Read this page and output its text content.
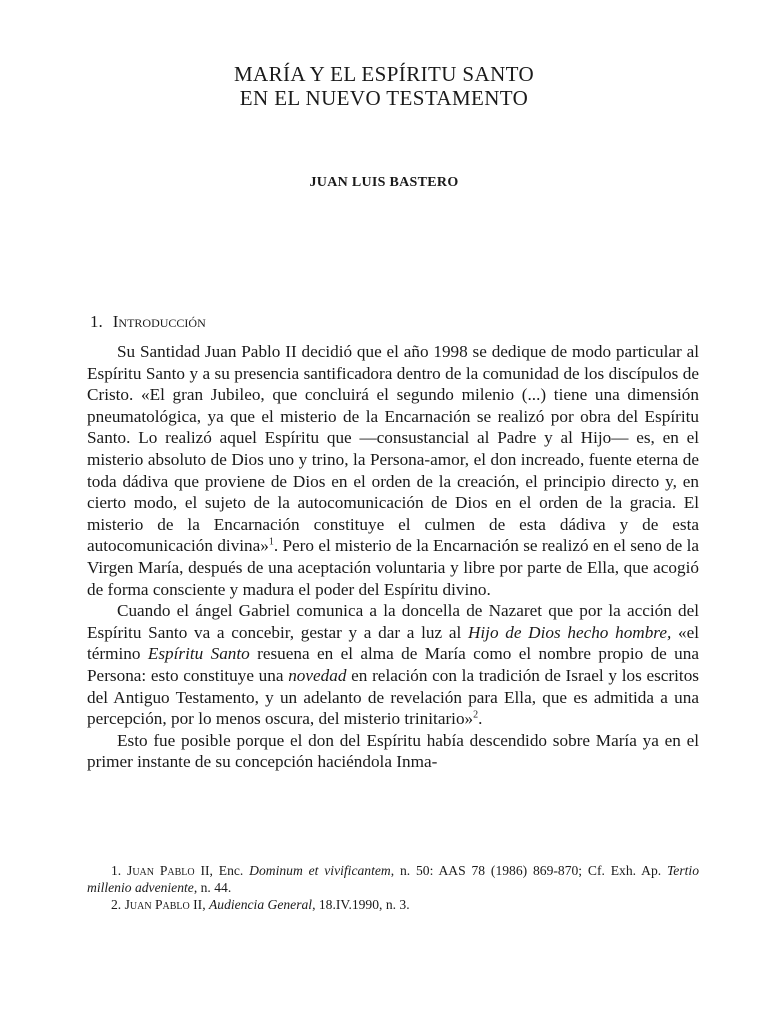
MARÍA Y EL ESPÍRITU SANTO
EN EL NUEVO TESTAMENTO
JUAN LUIS BASTERO
1. Introducción

Su Santidad Juan Pablo II decidió que el año 1998 se dedique de modo particular al Espíritu Santo y a su presencia santificadora dentro de la comunidad de los discípulos de Cristo. «El gran Jubileo, que concluirá el segundo milenio (...) tiene una dimensión pneumatológica, ya que el misterio de la Encarnación se realizó por obra del Espíritu Santo. Lo realizó aquel Espíritu que —consustancial al Padre y al Hijo— es, en el misterio absoluto de Dios uno y trino, la Persona-amor, el don increado, fuente eterna de toda dádiva que proviene de Dios en el orden de la creación, el principio directo y, en cierto modo, el sujeto de la autocomunicación de Dios en el orden de la gracia. El misterio de la Encarnación constituye el culmen de esta dádiva y de esta autocomunicación divina»$^1$. Pero el misterio de la Encarnación se realizó en el seno de la Virgen María, después de una aceptación voluntaria y libre por parte de Ella, que acogió de forma consciente y madura el poder del Espíritu divino.

Cuando el ángel Gabriel comunica a la doncella de Nazaret que por la acción del Espíritu Santo va a concebir, gestar y a dar a luz al Hijo de Dios hecho hombre, «el término Espíritu Santo resuena en el alma de María como el nombre propio de una Persona: esto constituye una novedad en relación con la tradición de Israel y los escritos del Antiguo Testamento, y un adelanto de revelación para Ella, que es admitida a una percepción, por lo menos oscura, del misterio trinitario»$^2$.

Esto fue posible porque el don del Espíritu había descendido sobre María ya en el primer instante de su concepción haciéndola Inma-

1. Juan Pablo II, Enc. Dominum et vivificantem, n. 50: AAS 78 (1986) 869-870; Cf. Exh. Ap. Tertio millenio adveniente, n. 44.

2. Juan Pablo II, Audiencia General, 18.IV.1990, n. 3.
